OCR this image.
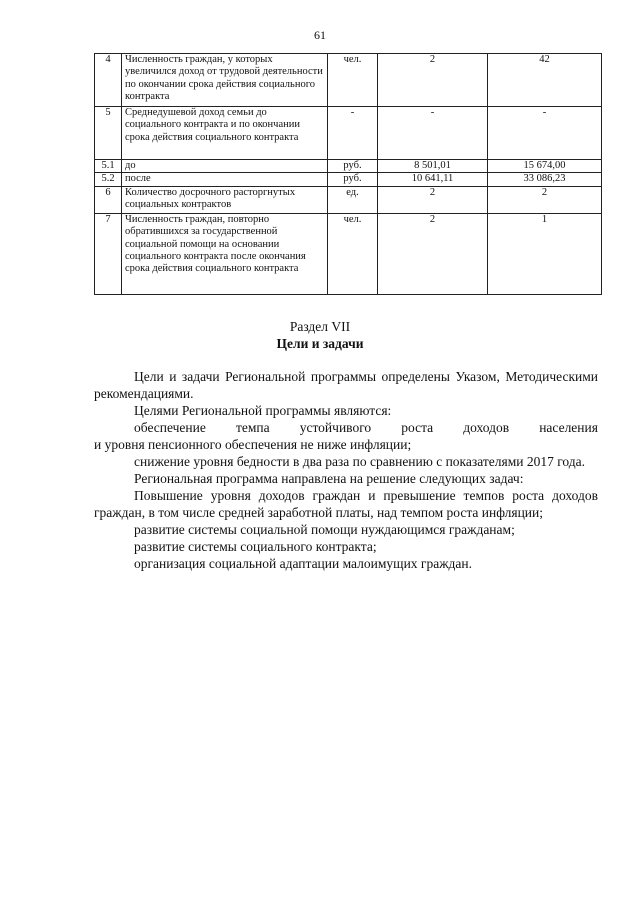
61
4	Численность граждан, у которых увеличился доход от трудовой деятельности по окончании срока действия социального контракта	чел.	2	42
5	Среднедушевой доход семьи до социального контракта и по окончании срока действия социального контракта	-	-	-
5.1	до	руб.	8 501,01	15 674,00
5.2	после	руб.	10 641,11	33 086,23
6	Количество досрочного расторгнутых социальных контрактов	ед.	2	2
7	Численность граждан, повторно обратившихся за государственной социальной помощи на основании социального контракта после окончания срока действия социального контракта	чел.	2	1
Раздел VII
Цели и задачи

Цели и задачи Региональной программы определены Указом, Методическими рекомендациями.

Целями Региональной программы являются:

обеспечение темпа устойчивого роста доходов населения

и уровня пенсионного обеспечения не ниже инфляции;

снижение уровня бедности в два раза по сравнению с показателями 2017 года.

Региональная программа направлена на решение следующих задач:

Повышение уровня доходов граждан и превышение темпов роста доходов граждан, в том числе средней заработной платы, над темпом роста инфляции;

развитие системы социальной помощи нуждающимся гражданам;

развитие системы социального контракта;

организация социальной адаптации малоимущих граждан.
